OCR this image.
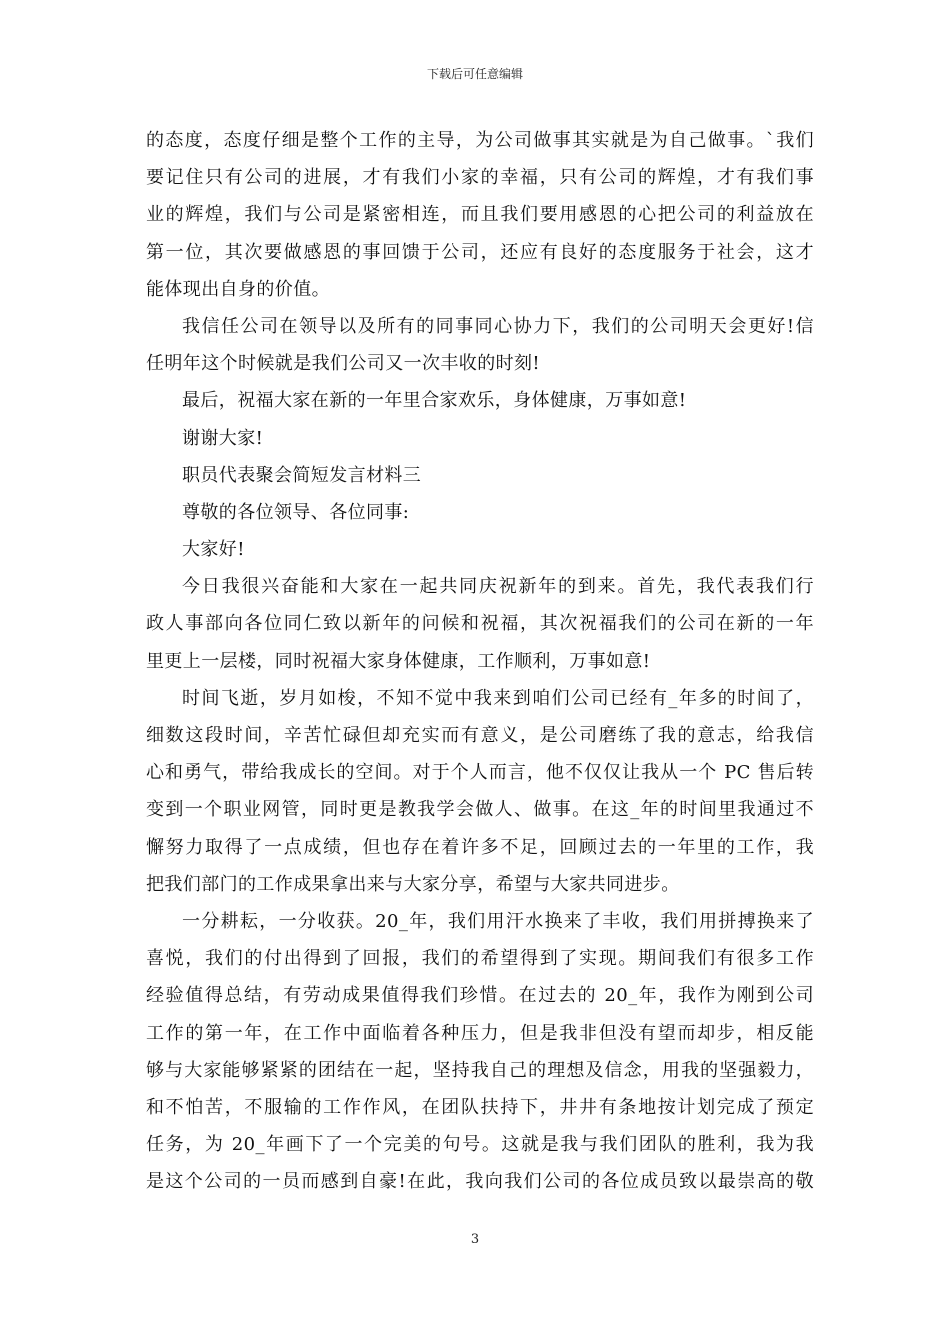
下载后可任意编辑
的态度，态度仔细是整个工作的主导，为公司做事其实就是为自己做事。`我们
要记住只有公司的进展，才有我们小家的幸福，只有公司的辉煌，才有我们事
业的辉煌，我们与公司是紧密相连，而且我们要用感恩的心把公司的利益放在
第一位，其次要做感恩的事回馈于公司，还应有良好的态度服务于社会，这才
能体现出自身的价值。
我信任公司在领导以及所有的同事同心协力下，我们的公司明天会更好!信
任明年这个时候就是我们公司又一次丰收的时刻!
最后，祝福大家在新的一年里合家欢乐，身体健康，万事如意!
谢谢大家!
职员代表聚会简短发言材料三
尊敬的各位领导、各位同事:
大家好!
今日我很兴奋能和大家在一起共同庆祝新年的到来。首先，我代表我们行
政人事部向各位同仁致以新年的问候和祝福，其次祝福我们的公司在新的一年
里更上一层楼，同时祝福大家身体健康，工作顺利，万事如意!
时间飞逝，岁月如梭，不知不觉中我来到咱们公司已经有_年多的时间了，
细数这段时间，辛苦忙碌但却充实而有意义，是公司磨练了我的意志，给我信
心和勇气，带给我成长的空间。对于个人而言，他不仅仅让我从一个 PC 售后转
变到一个职业网管，同时更是教我学会做人、做事。在这_年的时间里我通过不
懈努力取得了一点成绩，但也存在着许多不足，回顾过去的一年里的工作，我
把我们部门的工作成果拿出来与大家分享，希望与大家共同进步。
一分耕耘，一分收获。20_年，我们用汗水换来了丰收，我们用拼搏换来了
喜悦，我们的付出得到了回报，我们的希望得到了实现。期间我们有很多工作
经验值得总结，有劳动成果值得我们珍惜。在过去的 20_年，我作为刚到公司
工作的第一年，在工作中面临着各种压力，但是我非但没有望而却步，相反能
够与大家能够紧紧的团结在一起，坚持我自己的理想及信念，用我的坚强毅力，
和不怕苦，不服输的工作作风，在团队扶持下，井井有条地按计划完成了预定
任务，为 20_年画下了一个完美的句号。这就是我与我们团队的胜利，我为我
是这个公司的一员而感到自豪!在此，我向我们公司的各位成员致以最崇高的敬
3
